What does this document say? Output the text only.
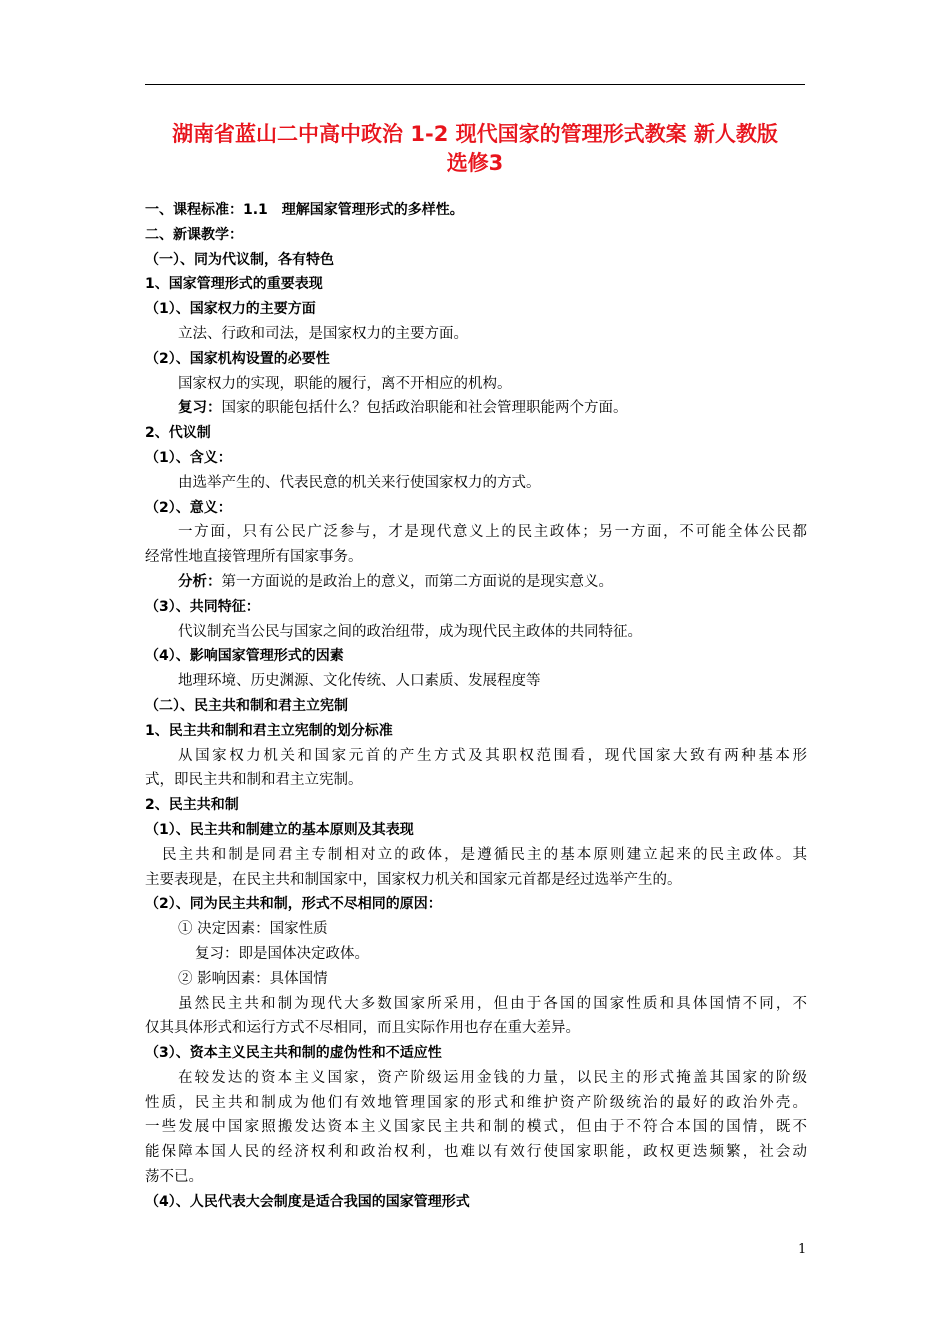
湖南省蓝山二中高中政治 1-2 现代国家的管理形式教案 新人教版
选修3
一、课程标准：1.1　理解国家管理形式的多样性。
二、新课教学：
（一）、同为代议制，各有特色
1、国家管理形式的重要表现
（1）、国家权力的主要方面
立法、行政和司法，是国家权力的主要方面。
（2）、国家机构设置的必要性
国家权力的实现，职能的履行，离不开相应的机构。
复习：国家的职能包括什么？包括政治职能和社会管理职能两个方面。
2、代议制
（1）、含义：
由选举产生的、代表民意的机关来行使国家权力的方式。
（2）、意义：
一方面，只有公民广泛参与，才是现代意义上的民主政体；另一方面，不可能全体公民都
经常性地直接管理所有国家事务。
分析：第一方面说的是政治上的意义，而第二方面说的是现实意义。
（3）、共同特征：
代议制充当公民与国家之间的政治纽带，成为现代民主政体的共同特征。
（4）、影响国家管理形式的因素
地理环境、历史渊源、文化传统、人口素质、发展程度等
（二）、民主共和制和君主立宪制
1、民主共和制和君主立宪制的划分标准
从国家权力机关和国家元首的产生方式及其职权范围看，现代国家大致有两种基本形
式，即民主共和制和君主立宪制。
2、民主共和制
（1）、民主共和制建立的基本原则及其表现
民主共和制是同君主专制相对立的政体，是遵循民主的基本原则建立起来的民主政体。其
主要表现是，在民主共和制国家中，国家权力机关和国家元首都是经过选举产生的。
（2）、同为民主共和制，形式不尽相同的原因：
① 决定因素：国家性质
复习：即是国体决定政体。
② 影响因素：具体国情
虽然民主共和制为现代大多数国家所采用，但由于各国的国家性质和具体国情不同，不
仅其具体形式和运行方式不尽相同，而且实际作用也存在重大差异。
（3）、资本主义民主共和制的虚伪性和不适应性
在较发达的资本主义国家，资产阶级运用金钱的力量，以民主的形式掩盖其国家的阶级
性质，民主共和制成为他们有效地管理国家的形式和维护资产阶级统治的最好的政治外壳。
一些发展中国家照搬发达资本主义国家民主共和制的模式，但由于不符合本国的国情，既不
能保障本国人民的经济权利和政治权利，也难以有效行使国家职能，政权更迭频繁，社会动
荡不已。
（4）、人民代表大会制度是适合我国的国家管理形式
1
